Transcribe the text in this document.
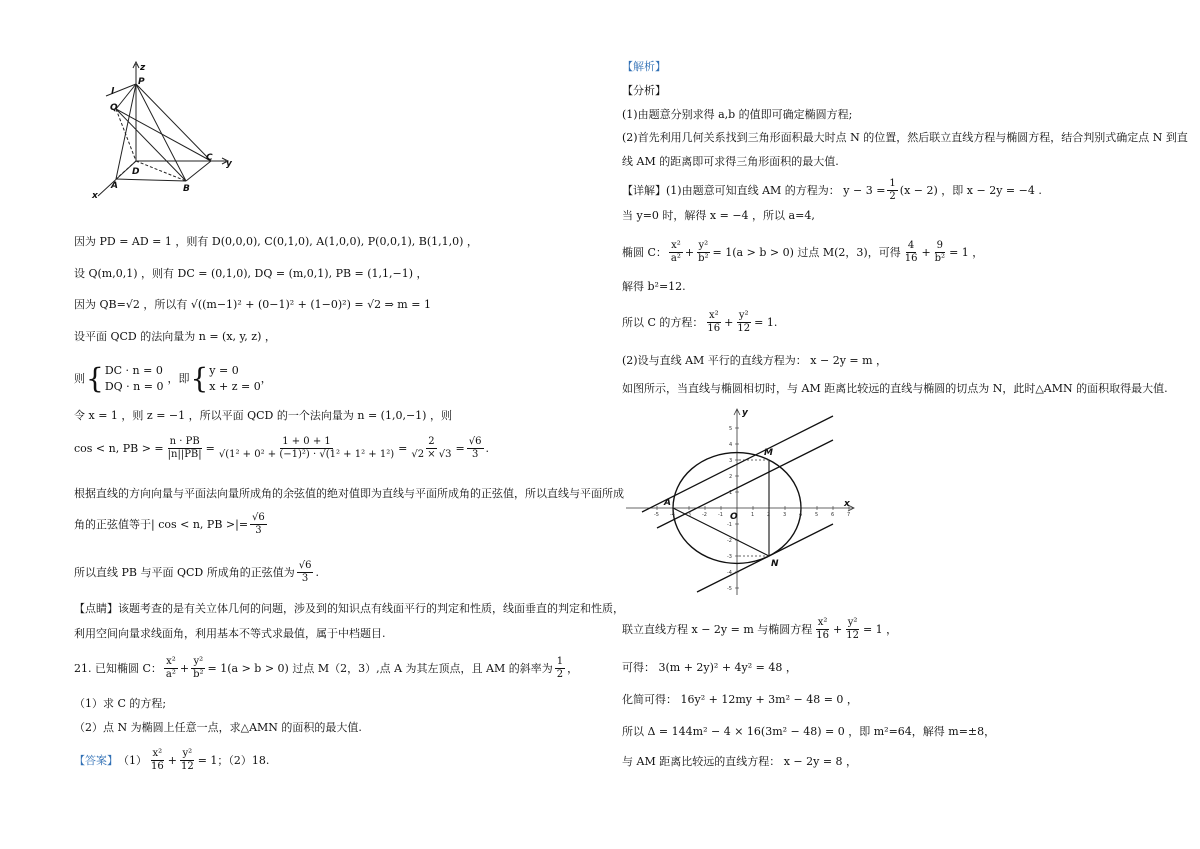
z
P
l
Q
D
C
y
A	B
x
因为 PD = AD = 1 ，则有 D(0,0,0), C(0,1,0), A(1,0,0), P(0,0,1), B(1,1,0) ，
设 Q(m,0,1) ，则有 DC = (0,1,0), DQ = (m,0,1), PB = (1,1,−1) ，
因为 QB=√2 ，所以有 √((m−1)² + (0−1)² + (1−0)²) = √2 ⇒ m = 1
设平面 QCD 的法向量为 n = (x, y, z) ，
则 { DC · n = 0
DQ · n = 0
，即 { y = 0
x + z = 0
，
令 x = 1 ，则 z = −1 ，所以平面 QCD 的一个法向量为 n = (1,0,−1) ，则
cos < n, PB > = $\frac{n \cdot PB}{|n||PB|} = \frac{1 + 0 + 1}{\text{√(1² + 0² + (−1)²) · √(1² + 1² + 1²)}} = \frac{2}{√2 \times √3} = \frac{√6}{3}$ .
根据直线的方向向量与平面法向量所成角的余弦值的绝对值即为直线与平面所成角的正弦值，所以直线与平面所成
角的正弦值等于 | cos < n, PB >|= $\frac{√6}{3}$
所以直线 PB 与平面 QCD 所成角的正弦值为 $\frac{√6}{3}$ .
【点睛】该题考查的是有关立体几何的问题，涉及到的知识点有线面平行的判定和性质，线面垂直的判定和性质，
利用空间向量求线面角，利用基本不等式求最值，属于中档题目.
21. 已知椭圆 C： $\frac{\text{x²}}{\text{a²}} + \frac{\text{y²}}{\text{b²}} = 1(a > b > 0)$ 过点 M（2，3）,点 A 为其左顶点，且 AM 的斜率为 $\frac{1}{2}$ ，
（1）求 C 的方程;
（2）点 N 为椭圆上任意一点，求△AMN 的面积的最大值.
【答案】 $(1) \frac{\text{x²}}{16} + \frac{\text{y²}}{12} = 1$；（2）18.
【解析】
【分析】
(1)由题意分别求得 a,b 的值即可确定椭圆方程;
(2)首先利用几何关系找到三角形面积最大时点 N 的位置，然后联立直线方程与椭圆方程，结合判别式确定点 N 到直
线 AM 的距离即可求得三角形面积的最大值.
【详解】(1)由题意可知直线 AM 的方程为： $y - 3 = \frac{1}{2} (x - 2)$ ，即 x − 2y = −4 .
当 y=0 时，解得 x = −4 ，所以 a=4,
椭圆 C： $\frac{\text{x²}}{\text{a²}} + \frac{\text{y²}}{\text{b²}} = 1(a > b > 0)$ 过点 M(2，3)，可得 $\frac{4}{16} + \frac{9}{\text{b²}} = 1$ ，
解得 b²=12.
所以 C 的方程： $\frac{\text{x²}}{16} + \frac{\text{y²}}{12} = 1$.
(2)设与直线 AM 平行的直线方程为： x − 2y = m ，
如图所示，当直线与椭圆相切时，与 AM 距离比较远的直线与椭圆的切点为 N，此时△AMN 的面积取得最大值.
-5 -4 -3 -2 -1	1	2	3	4	5	6	7
5
4
3
2
1
-1
-2
-3
-4
-5
y
M
A
O
x
N
联立直线方程 x − 2y = m 与椭圆方程 $\frac{\text{x²}}{16} + \frac{\text{y²}}{12} = 1$ ，
可得： 3(m + 2y)² + 4y² = 48 ，
化简可得： 16y² + 12my + 3m² − 48 = 0 ，
所以 Δ = 144m² − 4 × 16(3m² − 48) = 0 ，即 m²=64，解得 m=±8，
与 AM 距离比较远的直线方程： x − 2y = 8 ，
